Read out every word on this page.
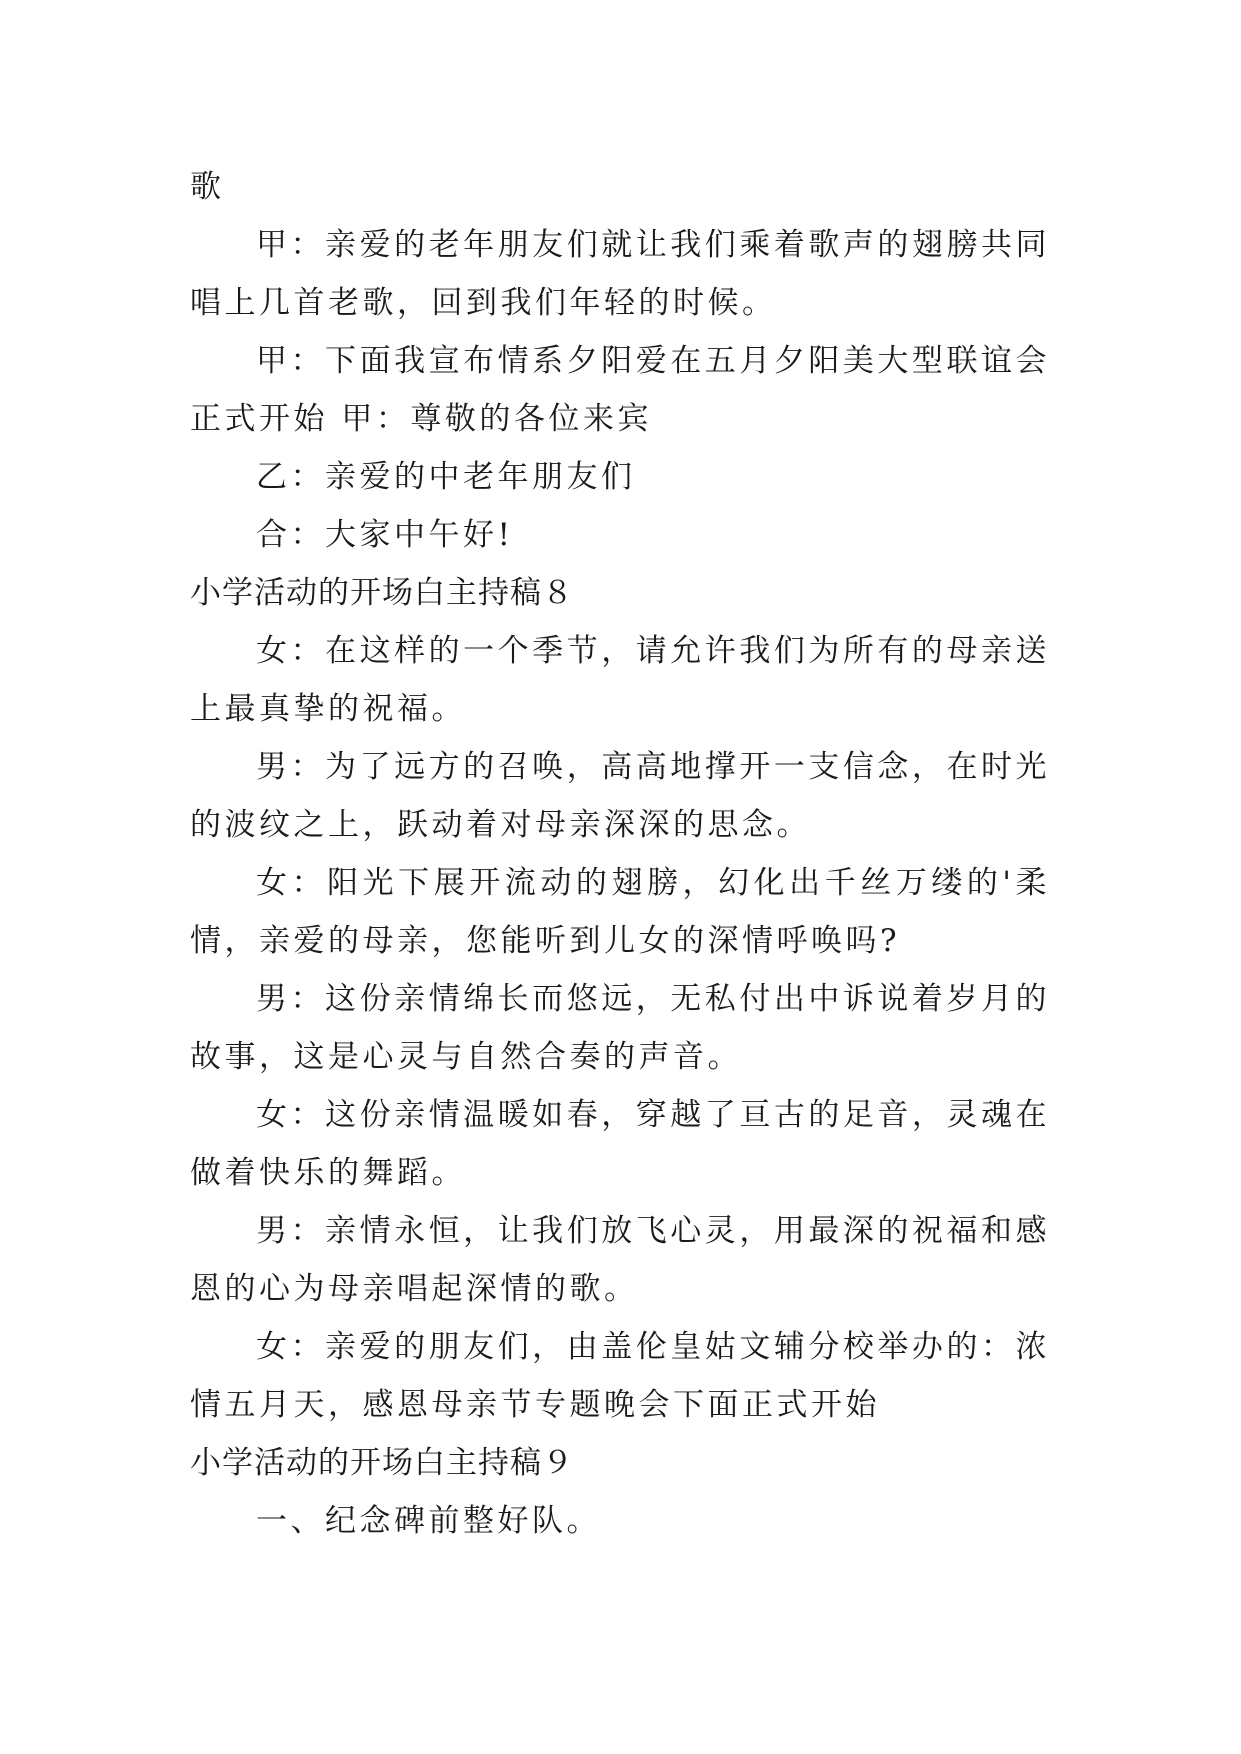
歌

甲：亲爱的老年朋友们就让我们乘着歌声的翅膀共同唱上几首老歌，回到我们年轻的时候。

甲：下面我宣布情系夕阳爱在五月夕阳美大型联谊会正式开始 甲：尊敬的各位来宾

乙：亲爱的中老年朋友们

合：大家中午好!

小学活动的开场白主持稿８

女：在这样的一个季节，请允许我们为所有的母亲送上最真挚的祝福。

男：为了远方的召唤，高高地撑开一支信念，在时光的波纹之上，跃动着对母亲深深的思念。

女：阳光下展开流动的翅膀，幻化出千丝万缕的'柔情，亲爱的母亲，您能听到儿女的深情呼唤吗?

男：这份亲情绵长而悠远，无私付出中诉说着岁月的故事，这是心灵与自然合奏的声音。

女：这份亲情温暖如春，穿越了亘古的足音，灵魂在做着快乐的舞蹈。

男：亲情永恒，让我们放飞心灵，用最深的祝福和感恩的心为母亲唱起深情的歌。

女：亲爱的朋友们，由盖伦皇姑文辅分校举办的：浓情五月天，感恩母亲节专题晚会下面正式开始

小学活动的开场白主持稿９

一、纪念碑前整好队。
